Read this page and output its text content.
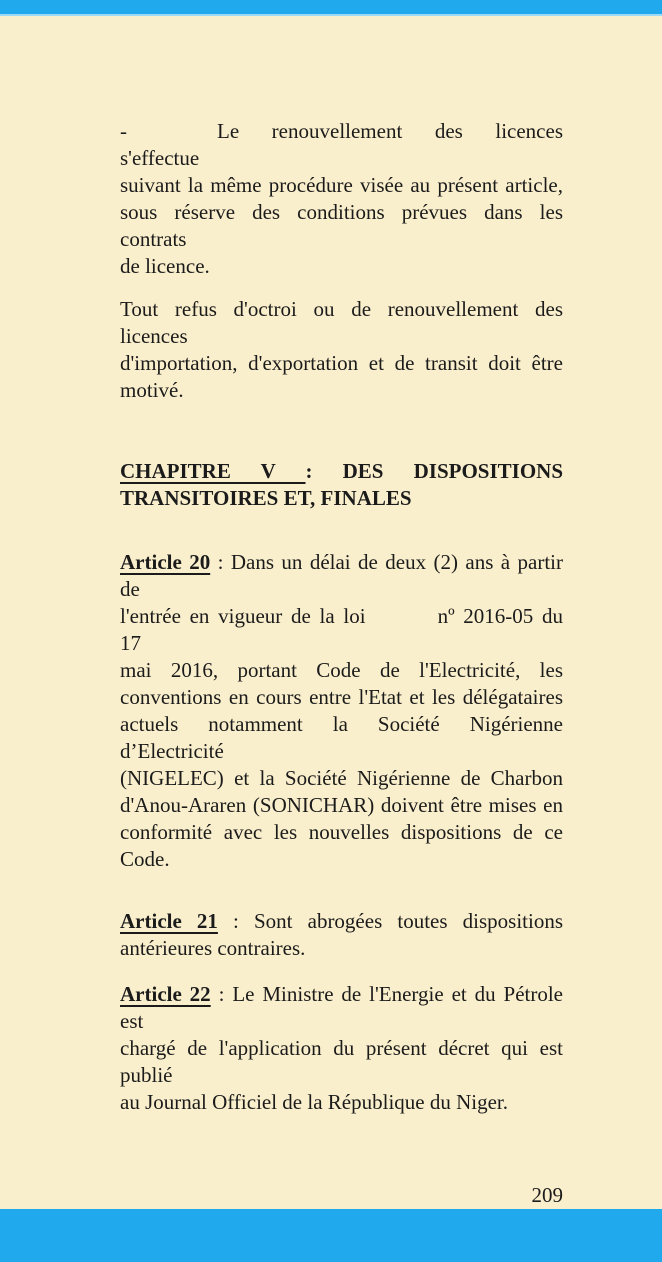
-	Le renouvellement des licences s'effectue
suivant la même procédure visée au présent article,
sous réserve des conditions prévues dans les contrats
de licence.
Tout refus d'octroi ou de renouvellement des licences
d'importation, d'exportation et de transit doit être
motivé.
CHAPITRE V : DES DISPOSITIONS
TRANSITOIRES ET, FINALES
Article 20 : Dans un délai de deux (2) ans à partir de
l'entrée en vigueur de la loi	nº 2016-05 du 17
mai 2016, portant Code de l'Electricité, les
conventions en cours entre l'Etat et les délégataires
actuels notamment la Société Nigérienne d’Electricité
(NIGELEC) et la Société Nigérienne de Charbon
d'Anou-Araren (SONICHAR) doivent être mises en
conformité avec les nouvelles dispositions de ce Code.
Article 21 : Sont abrogées toutes dispositions
antérieures contraires.
Article 22 : Le Ministre de l'Energie et du Pétrole est
chargé de l'application du présent décret qui est publié
au Journal Officiel de la République du Niger.
209
